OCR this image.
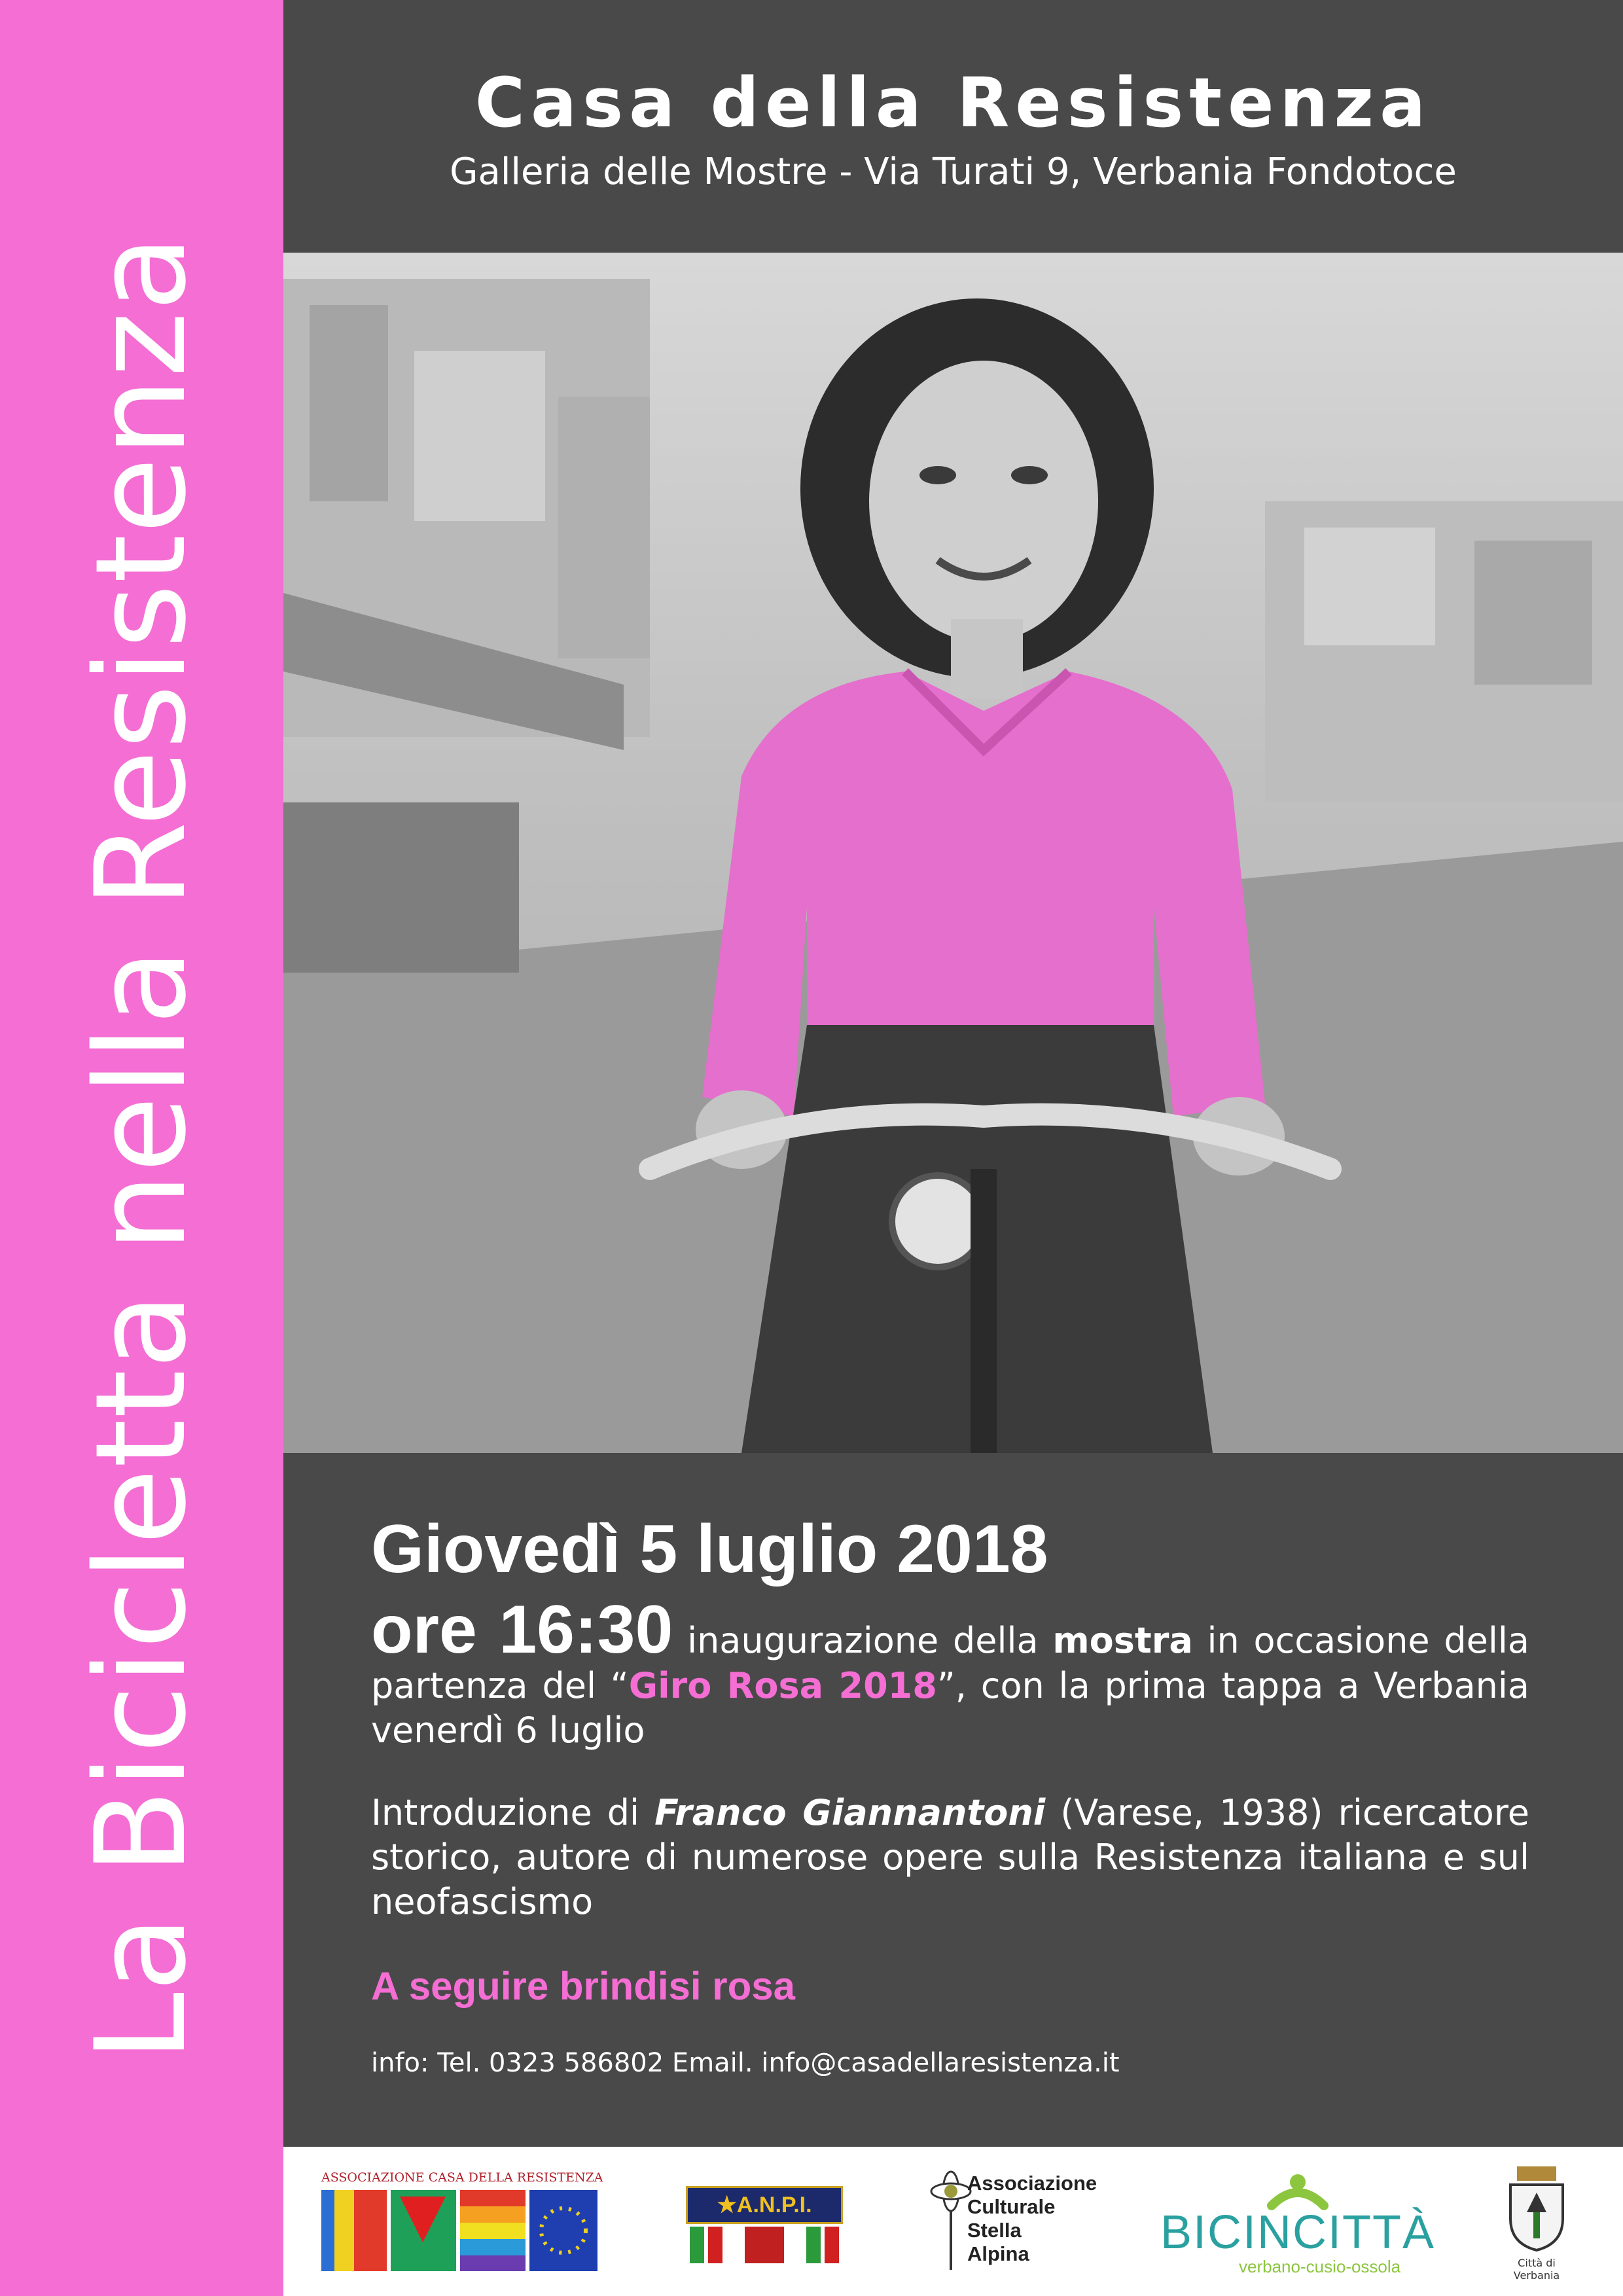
La Bicicletta nella Resistenza
Casa della Resistenza
Galleria delle Mostre - Via Turati 9, Verbania Fondotoce

Giovedì 5 luglio 2018

ore 16:30 inaugurazione della mostra in occasione della partenza del “Giro Rosa 2018”, con la prima tappa a Verbania venerdì 6 luglio

Introduzione di Franco Giannantoni (Varese, 1938) ricercatore storico, autore di numerose opere sulla Resistenza italiana e sul neofascismo

A seguire brindisi rosa

info: Tel. 0323 586802 Email. info@casadellaresistenza.it

ASSOCIAZIONE CASA DELLA RESISTENZA
★A.N.P.I.
Associazione
Culturale
Stella
Alpina	BICINCITTÀ
verbano-cusio-ossola	Città di Verbania
